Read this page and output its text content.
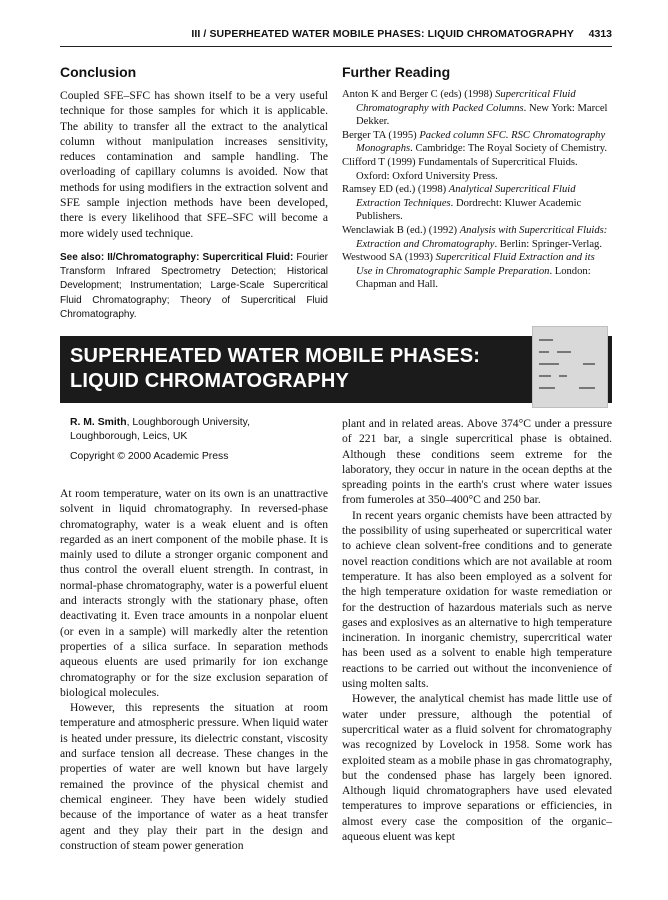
III / SUPERHEATED WATER MOBILE PHASES: LIQUID CHROMATOGRAPHY 4313
Conclusion

Coupled SFE–SFC has shown itself to be a very useful technique for those samples for which it is applicable. The ability to transfer all the extract to the analytical column without manipulation increases sensitivity, reduces contamination and sample handling. The overloading of capillary columns is avoided. Now that methods for using modifiers in the extraction solvent and SFE sample injection methods have been developed, there is every likelihood that SFE–SFC will become a more widely used technique.

See also: II/Chromatography: Supercritical Fluid: Fourier Transform Infrared Spectrometry Detection; Historical Development; Instrumentation; Large-Scale Supercritical Fluid Chromatography; Theory of Supercritical Fluid Chromatography.

Further Reading
Anton K and Berger C (eds) (1998) Supercritical Fluid Chromatography with Packed Columns. New York: Marcel Dekker.
Berger TA (1995) Packed column SFC. RSC Chromatography Monographs. Cambridge: The Royal Society of Chemistry.
Clifford T (1999) Fundamentals of Supercritical Fluids. Oxford: Oxford University Press.
Ramsey ED (ed.) (1998) Analytical Supercritical Fluid Extraction Techniques. Dordrecht: Kluwer Academic Publishers.
Wenclawiak B (ed.) (1992) Analysis with Supercritical Fluids: Extraction and Chromatography. Berlin: Springer-Verlag.
Westwood SA (1993) Supercritical Fluid Extraction and its Use in Chromatographic Sample Preparation. London: Chapman and Hall.
SUPERHEATED WATER MOBILE PHASES:
LIQUID CHROMATOGRAPHY

R. M. Smith, Loughborough University,

Loughborough, Leics, UK

Copyright © 2000 Academic Press

At room temperature, water on its own is an unattractive solvent in liquid chromatography. In reversed-phase chromatography, water is a weak eluent and is often regarded as an inert component of the mobile phase. It is mainly used to dilute a stronger organic component and thus control the overall eluent strength. In contrast, in normal-phase chromatography, water is a powerful eluent and interacts strongly with the stationary phase, often deactivating it. Even trace amounts in a nonpolar eluent (or even in a sample) will markedly alter the retention properties of a silica surface. In separation methods aqueous eluents are used primarily for ion exchange chromatography or for the size exclusion separation of biological molecules.

However, this represents the situation at room temperature and atmospheric pressure. When liquid water is heated under pressure, its dielectric constant, viscosity and surface tension all decrease. These changes in the properties of water are well known but have largely remained the province of the physical chemist and chemical engineer. They have been widely studied because of the importance of water as a heat transfer agent and they play their part in the design and construction of steam power generation

plant and in related areas. Above 374°C under a pressure of 221 bar, a single supercritical phase is obtained. Although these conditions seem extreme for the laboratory, they occur in nature in the ocean depths at the spreading points in the earth's crust where water issues from fumeroles at 350–400°C and 250 bar.

In recent years organic chemists have been attracted by the possibility of using superheated or supercritical water to achieve clean solvent-free conditions and to generate novel reaction conditions which are not available at room temperature. It has also been employed as a solvent for the high temperature oxidation for waste remediation or for the destruction of hazardous materials such as nerve gases and explosives as an alternative to high temperature incineration. In inorganic chemistry, supercritical water has been used as a solvent to enable high temperature reactions to be carried out without the inconvenience of using molten salts.

However, the analytical chemist has made little use of water under pressure, although the potential of supercritical water as a fluid solvent for chromatography was recognized by Lovelock in 1958. Some work has exploited steam as a mobile phase in gas chromatography, but the condensed phase has largely been ignored. Although liquid chromatographers have used elevated temperatures to improve separations or efficiencies, in almost every case the composition of the organic–aqueous eluent was kept
